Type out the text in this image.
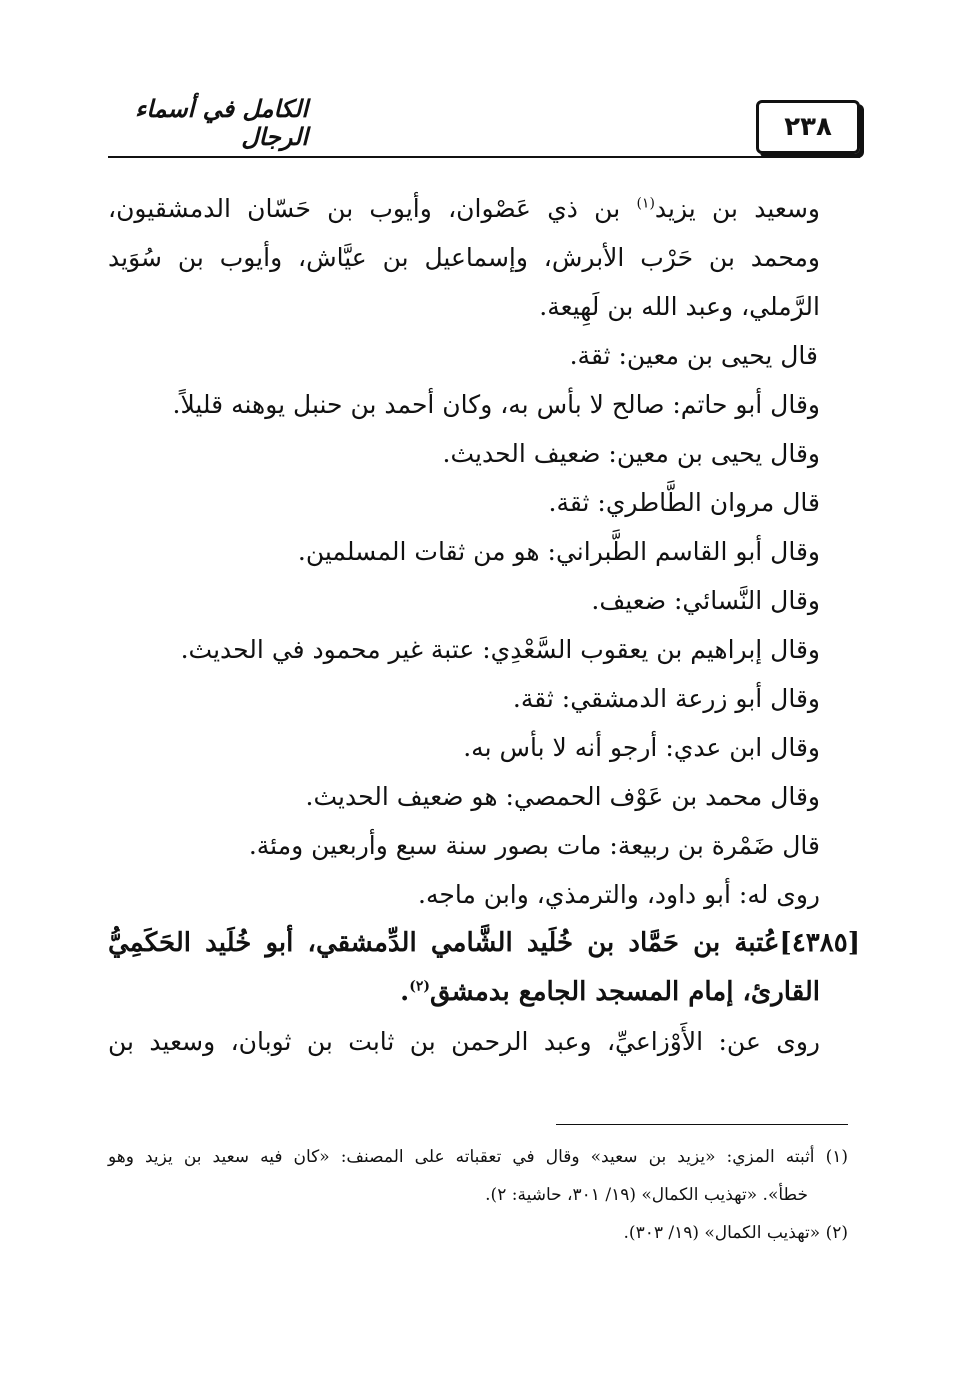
٢٣٨
الكامل في أسماء الرجال

وسعيد بن يزيد$^{(١)}$ بن ذي عَصْوان، وأيوب بن حَسّان الدمشقيون،

ومحمد بن حَرْب الأبرش، وإسماعيل بن عيَّاش، وأيوب بن سُوَيد

الرَّملي، وعبد الله بن لَهِيعة.

قال يحيى بن معين: ثقة.

وقال أبو حاتم: صالح لا بأس به، وكان أحمد بن حنبل يوهنه قليلاً.

وقال يحيى بن معين: ضعيف الحديث.

قال مروان الطَّاطري: ثقة.

وقال أبو القاسم الطَّبراني: هو من ثقات المسلمين.

وقال النَّسائي: ضعيف.

وقال إبراهيم بن يعقوب السَّعْدِي: عتبة غير محمود في الحديث.

وقال أبو زرعة الدمشقي: ثقة.

وقال ابن عدي: أرجو أنه لا بأس به.

وقال محمد بن عَوْف الحمصي: هو ضعيف الحديث.

قال ضَمْرة بن ربيعة: مات بصور سنة سبع وأربعين ومئة.

روى له: أبو داود، والترمذي، وابن ماجه.

[٤٣٨٥]عُتبة بن حَمَّاد بن خُلَيد الشَّامي الدِّمشقي، أبو خُلَيد الحَكَمِيُّ

القارئ، إمام المسجد الجامع بدمشق$^{(٢)}$.

روى عن: الأَوْزاعيِّ، وعبد الرحمن بن ثابت بن ثوبان، وسعيد بن

(١) أثبته المزي: «يزيد بن سعيد» وقال في تعقباته على المصنف: «كان فيه سعيد بن يزيد وهو

خطأ». «تهذيب الكمال» (١٩/ ٣٠١، حاشية: ٢).

(٢) «تهذيب الكمال» (١٩/ ٣٠٣).
